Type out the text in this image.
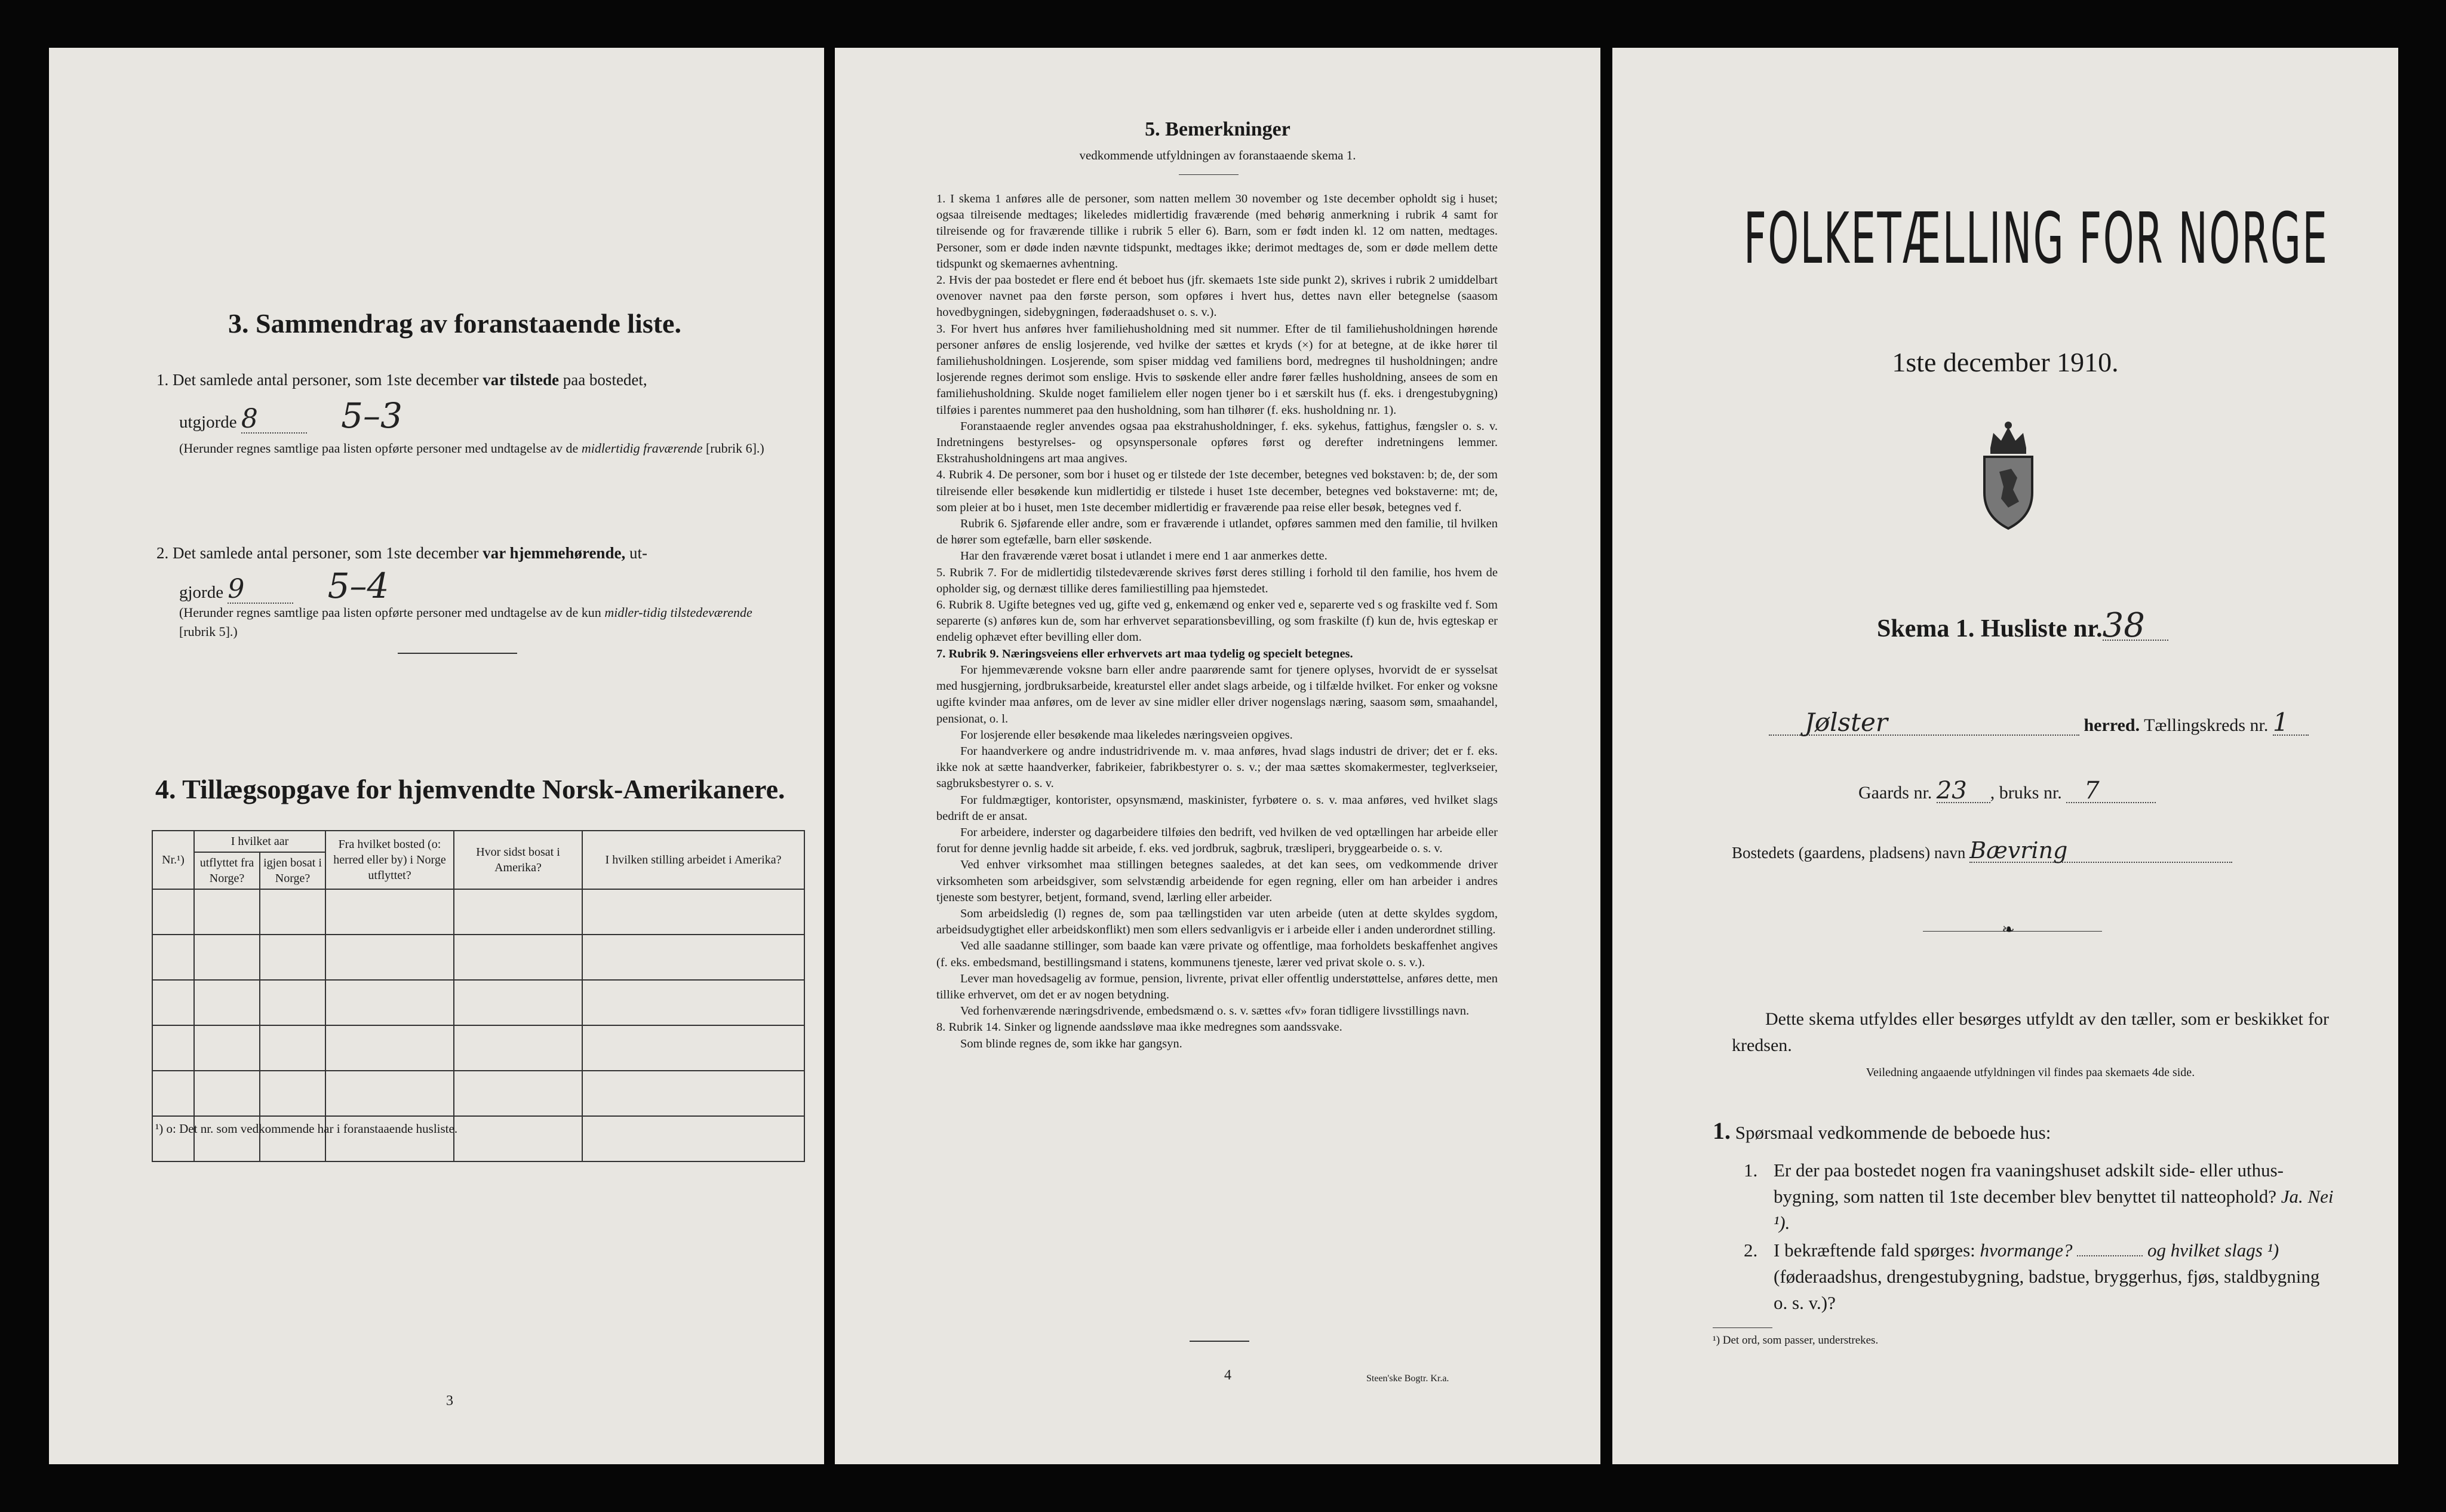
3. Sammendrag av foranstaaende liste.
1. Det samlede antal personer, som 1ste december var tilstede paa bostedet,
utgjorde 8 5–3
(Herunder regnes samtlige paa listen opførte personer med undtagelse av de midlertidig fraværende [rubrik 6].)
2. Det samlede antal personer, som 1ste december var hjemmehørende, ut-
gjorde 9 5–4
(Herunder regnes samtlige paa listen opførte personer med undtagelse av de kun midler-tidig tilstedeværende [rubrik 5].)
4. Tillægsopgave for hjemvendte Norsk-Amerikanere.
Nr.¹)	I hvilket aar		Fra hvilket bosted (o: herred eller by) i Norge utflyttet?	Hvor sidst bosat i Amerika?	I hvilken stilling arbeidet i Amerika?
	utflyttet fra Norge?	igjen bosat i Norge?			

¹) o: Det nr. som vedkommende har i foranstaaende husliste.
3
5. Bemerkninger
vedkommende utfyldningen av foranstaaende skema 1.

1. I skema 1 anføres alle de personer, som natten mellem 30 november og 1ste december opholdt sig i huset; ogsaa tilreisende medtages; likeledes midlertidig fraværende (med behørig anmerkning i rubrik 4 samt for tilreisende og for fraværende tillike i rubrik 5 eller 6). Barn, som er født inden kl. 12 om natten, medtages. Personer, som er døde inden nævnte tidspunkt, medtages ikke; derimot medtages de, som er døde mellem dette tidspunkt og skemaernes avhentning.

2. Hvis der paa bostedet er flere end ét beboet hus (jfr. skemaets 1ste side punkt 2), skrives i rubrik 2 umiddelbart ovenover navnet paa den første person, som opføres i hvert hus, dettes navn eller betegnelse (saasom hovedbygningen, sidebygningen, føderaadshuset o. s. v.).

3. For hvert hus anføres hver familiehusholdning med sit nummer. Efter de til familiehusholdningen hørende personer anføres de enslig losjerende, ved hvilke der sættes et kryds (×) for at betegne, at de ikke hører til familiehusholdningen. Losjerende, som spiser middag ved familiens bord, medregnes til husholdningen; andre losjerende regnes derimot som enslige. Hvis to søskende eller andre fører fælles husholdning, ansees de som en familiehusholdning. Skulde noget familielem eller nogen tjener bo i et særskilt hus (f. eks. i drengestubygning) tilføies i parentes nummeret paa den husholdning, som han tilhører (f. eks. husholdning nr. 1).

Foranstaaende regler anvendes ogsaa paa ekstrahusholdninger, f. eks. sykehus, fattighus, fængsler o. s. v. Indretningens bestyrelses- og opsynspersonale opføres først og derefter indretningens lemmer. Ekstrahusholdningens art maa angives.

4. Rubrik 4. De personer, som bor i huset og er tilstede der 1ste december, betegnes ved bokstaven: b; de, der som tilreisende eller besøkende kun midlertidig er tilstede i huset 1ste december, betegnes ved bokstaverne: mt; de, som pleier at bo i huset, men 1ste december midlertidig er fraværende paa reise eller besøk, betegnes ved f.

Rubrik 6. Sjøfarende eller andre, som er fraværende i utlandet, opføres sammen med den familie, til hvilken de hører som egtefælle, barn eller søskende.

Har den fraværende været bosat i utlandet i mere end 1 aar anmerkes dette.

5. Rubrik 7. For de midlertidig tilstedeværende skrives først deres stilling i forhold til den familie, hos hvem de opholder sig, og dernæst tillike deres familiestilling paa hjemstedet.

6. Rubrik 8. Ugifte betegnes ved ug, gifte ved g, enkemænd og enker ved e, separerte ved s og fraskilte ved f. Som separerte (s) anføres kun de, som har erhvervet separationsbevilling, og som fraskilte (f) kun de, hvis egteskap er endelig ophævet efter bevilling eller dom.

7. Rubrik 9. Næringsveiens eller erhvervets art maa tydelig og specielt betegnes.

For hjemmeværende voksne barn eller andre paarørende samt for tjenere oplyses, hvorvidt de er sysselsat med husgjerning, jordbruksarbeide, kreaturstel eller andet slags arbeide, og i tilfælde hvilket. For enker og voksne ugifte kvinder maa anføres, om de lever av sine midler eller driver nogenslags næring, saasom søm, smaahandel, pensionat, o. l.

For losjerende eller besøkende maa likeledes næringsveien opgives.

For haandverkere og andre industridrivende m. v. maa anføres, hvad slags industri de driver; det er f. eks. ikke nok at sætte haandverker, fabrikeier, fabrikbestyrer o. s. v.; der maa sættes skomakermester, teglverkseier, sagbruksbestyrer o. s. v.

For fuldmægtiger, kontorister, opsynsmænd, maskinister, fyrbøtere o. s. v. maa anføres, ved hvilket slags bedrift de er ansat.

For arbeidere, inderster og dagarbeidere tilføies den bedrift, ved hvilken de ved optællingen har arbeide eller forut for denne jevnlig hadde sit arbeide, f. eks. ved jordbruk, sagbruk, træsliperi, bryggearbeide o. s. v.

Ved enhver virksomhet maa stillingen betegnes saaledes, at det kan sees, om vedkommende driver virksomheten som arbeidsgiver, som selvstændig arbeidende for egen regning, eller om han arbeider i andres tjeneste som bestyrer, betjent, formand, svend, lærling eller arbeider.

Som arbeidsledig (l) regnes de, som paa tællingstiden var uten arbeide (uten at dette skyldes sygdom, arbeidsudygtighet eller arbeidskonflikt) men som ellers sedvanligvis er i arbeide eller i anden underordnet stilling.

Ved alle saadanne stillinger, som baade kan være private og offentlige, maa forholdets beskaffenhet angives (f. eks. embedsmand, bestillingsmand i statens, kommunens tjeneste, lærer ved privat skole o. s. v.).

Lever man hovedsagelig av formue, pension, livrente, privat eller offentlig understøttelse, anføres dette, men tillike erhvervet, om det er av nogen betydning.

Ved forhenværende næringsdrivende, embedsmænd o. s. v. sættes «fv» foran tidligere livsstillings navn.

8. Rubrik 14. Sinker og lignende aandssløve maa ikke medregnes som aandssvake.

Som blinde regnes de, som ikke har gangsyn.

4	Steen'ske Bogtr. Kr.a.
FOLKETÆLLING FOR NORGE
1ste december 1910.
Skema 1. Husliste nr.38
Jølster	herred. Tællingskreds nr. 1
Gaards nr. 23 , bruks nr. 7
Bostedets (gaardens, pladsens) navn Bævring
❧
Dette skema utfyldes eller besørges utfyldt av den tæller, som er beskikket for kredsen.
Veiledning angaaende utfyldningen vil findes paa skemaets 4de side.
1. Spørsmaal vedkommende de beboede hus:
1. Er der paa bostedet nogen fra vaaningshuset adskilt side- eller uthus-bygning, som natten til 1ste december blev benyttet til natteophold? Ja. Nei ¹).
2. I bekræftende fald spørges: hvormange?	og hvilket slags ¹) (føderaadshus, drengestubygning, badstue, bryggerhus, fjøs, staldbygning o. s. v.)?
¹) Det ord, som passer, understrekes.
